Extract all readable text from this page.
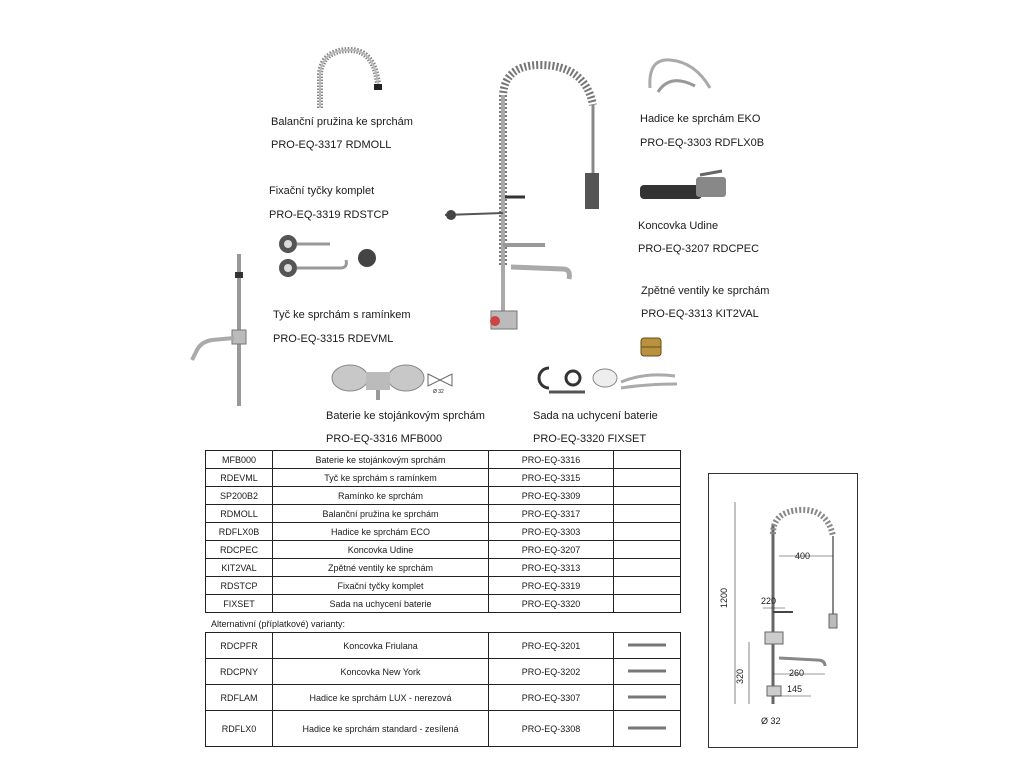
Balanční pružina ke sprchám
PRO-EQ-3317 RDMOLL
Fixační tyčky komplet
PRO-EQ-3319 RDSTCP
Tyč ke sprchám s ramínkem
PRO-EQ-3315 RDEVML
Hadice ke sprchám EKO
PRO-EQ-3303 RDFLX0B
Koncovka Udine
PRO-EQ-3207 RDCPEC
Zpětné ventily ke sprchám
PRO-EQ-3313 KIT2VAL
Baterie ke stojánkovým sprchám
PRO-EQ-3316 MFB000
Sada na uchycení baterie
PRO-EQ-3320 FIXSET
Ø 32
MFB000	Baterie ke stojánkovým sprchám	PRO-EQ-3316	
RDEVML	Tyč ke sprchám s ramínkem	PRO-EQ-3315	
SP200B2	Ramínko ke sprchám	PRO-EQ-3309	
RDMOLL	Balanční pružina ke sprchám	PRO-EQ-3317	
RDFLX0B	Hadice ke sprchám ECO	PRO-EQ-3303	
RDCPEC	Koncovka Udine	PRO-EQ-3207	
KIT2VAL	Zpětné ventily ke sprchám	PRO-EQ-3313	
RDSTCP	Fixační tyčky komplet	PRO-EQ-3319	
FIXSET	Sada na uchycení baterie	PRO-EQ-3320	
Alternativní (příplatkové) varianty:
RDCPFR	Koncovka Friulana	PRO-EQ-3201	
RDCPNY	Koncovka New York	PRO-EQ-3202	
RDFLAM	Hadice ke sprchám LUX - nerezová	PRO-EQ-3307	
RDFLX0	Hadice ke sprchám standard - zesílená	PRO-EQ-3308	
400
220
1200
320	260
145
Ø 32
